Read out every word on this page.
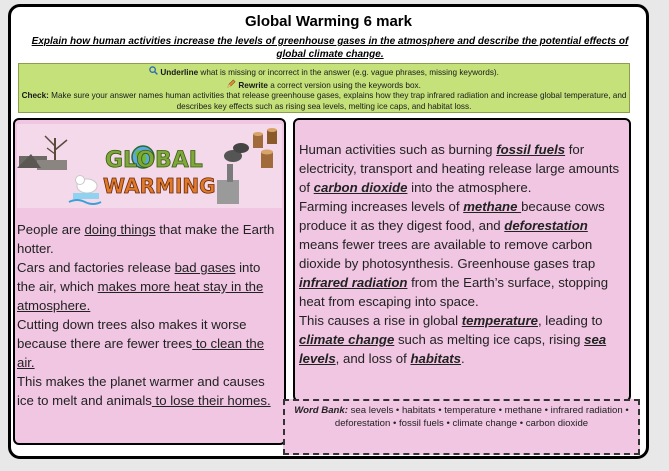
Global Warming 6 mark
Explain how human activities increase the levels of greenhouse gases in the atmosphere and describe the potential effects of global climate change.
Underline what is missing or incorrect in the answer (e.g. vague phrases, missing keywords).
Rewrite a correct version using the keywords box.
Check: Make sure your answer names human activities that release greenhouse gases, explains how they trap infrared radiation and increase global temperature, and describes key effects such as rising sea levels, melting ice caps, and habitat loss.
GLOBAL
WARMING

People are doing things that make the Earth hotter.

Cars and factories release bad gases into the air, which makes more heat stay in the atmosphere.

Cutting down trees also makes it worse because there are fewer trees to clean the air.

This makes the planet warmer and causes ice to melt and animals to lose their homes.

Human activities such as burning fossil fuels for electricity, transport and heating release large amounts of carbon dioxide into the atmosphere.

Farming increases levels of methane because cows produce it as they digest food, and deforestation means fewer trees are available to remove carbon dioxide by photosynthesis. Greenhouse gases trap infrared radiation from the Earth’s surface, stopping heat from escaping into space.

This causes a rise in global temperature, leading to climate change such as melting ice caps, rising sea levels, and loss of habitats.

Word Bank: sea levels • habitats • temperature • methane • infrared radiation • deforestation • fossil fuels • climate change • carbon dioxide
